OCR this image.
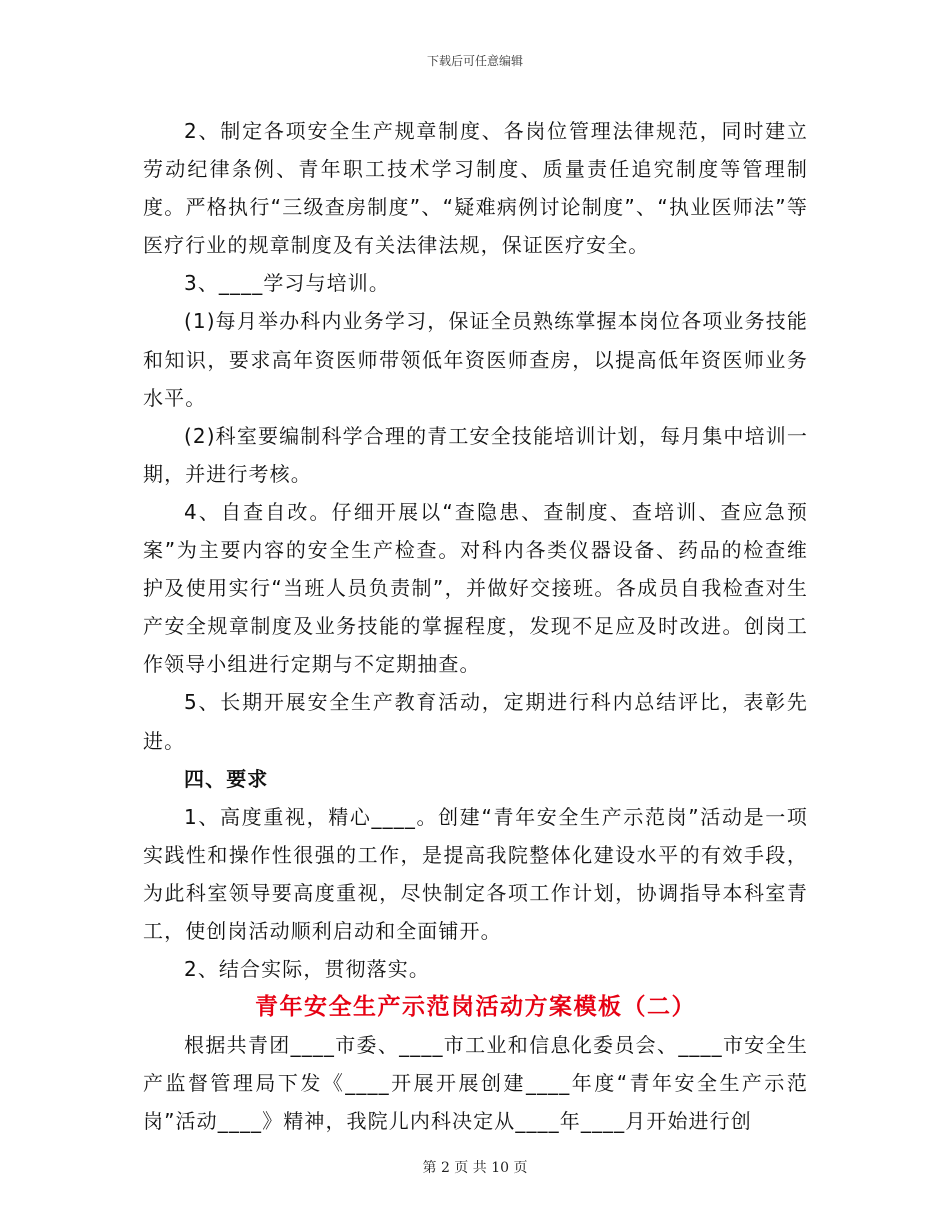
下载后可任意编辑

2、制定各项安全生产规章制度、各岗位管理法律规范，同时建立劳动纪律条例、青年职工技术学习制度、质量责任追究制度等管理制度。严格执行“三级查房制度”、“疑难病例讨论制度”、“执业医师法”等医疗行业的规章制度及有关法律法规，保证医疗安全。

3、____学习与培训。

(1)每月举办科内业务学习，保证全员熟练掌握本岗位各项业务技能和知识，要求高年资医师带领低年资医师查房，以提高低年资医师业务水平。

(2)科室要编制科学合理的青工安全技能培训计划，每月集中培训一期，并进行考核。

4、自查自改。仔细开展以“查隐患、查制度、查培训、查应急预案”为主要内容的安全生产检查。对科内各类仪器设备、药品的检查维护及使用实行“当班人员负责制”，并做好交接班。各成员自我检查对生产安全规章制度及业务技能的掌握程度，发现不足应及时改进。创岗工作领导小组进行定期与不定期抽查。

5、长期开展安全生产教育活动，定期进行科内总结评比，表彰先进。

四、要求

1、高度重视，精心____。创建“青年安全生产示范岗”活动是一项实践性和操作性很强的工作，是提高我院整体化建设水平的有效手段，为此科室领导要高度重视，尽快制定各项工作计划，协调指导本科室青工，使创岗活动顺利启动和全面铺开。

2、结合实际，贯彻落实。

青年安全生产示范岗活动方案模板（二）

根据共青团____市委、____市工业和信息化委员会、____市安全生产监督管理局下发《____开展开展创建____年度“青年安全生产示范岗”活动____》精神，我院儿内科决定从____年____月开始进行创

第 2 页 共 10 页
